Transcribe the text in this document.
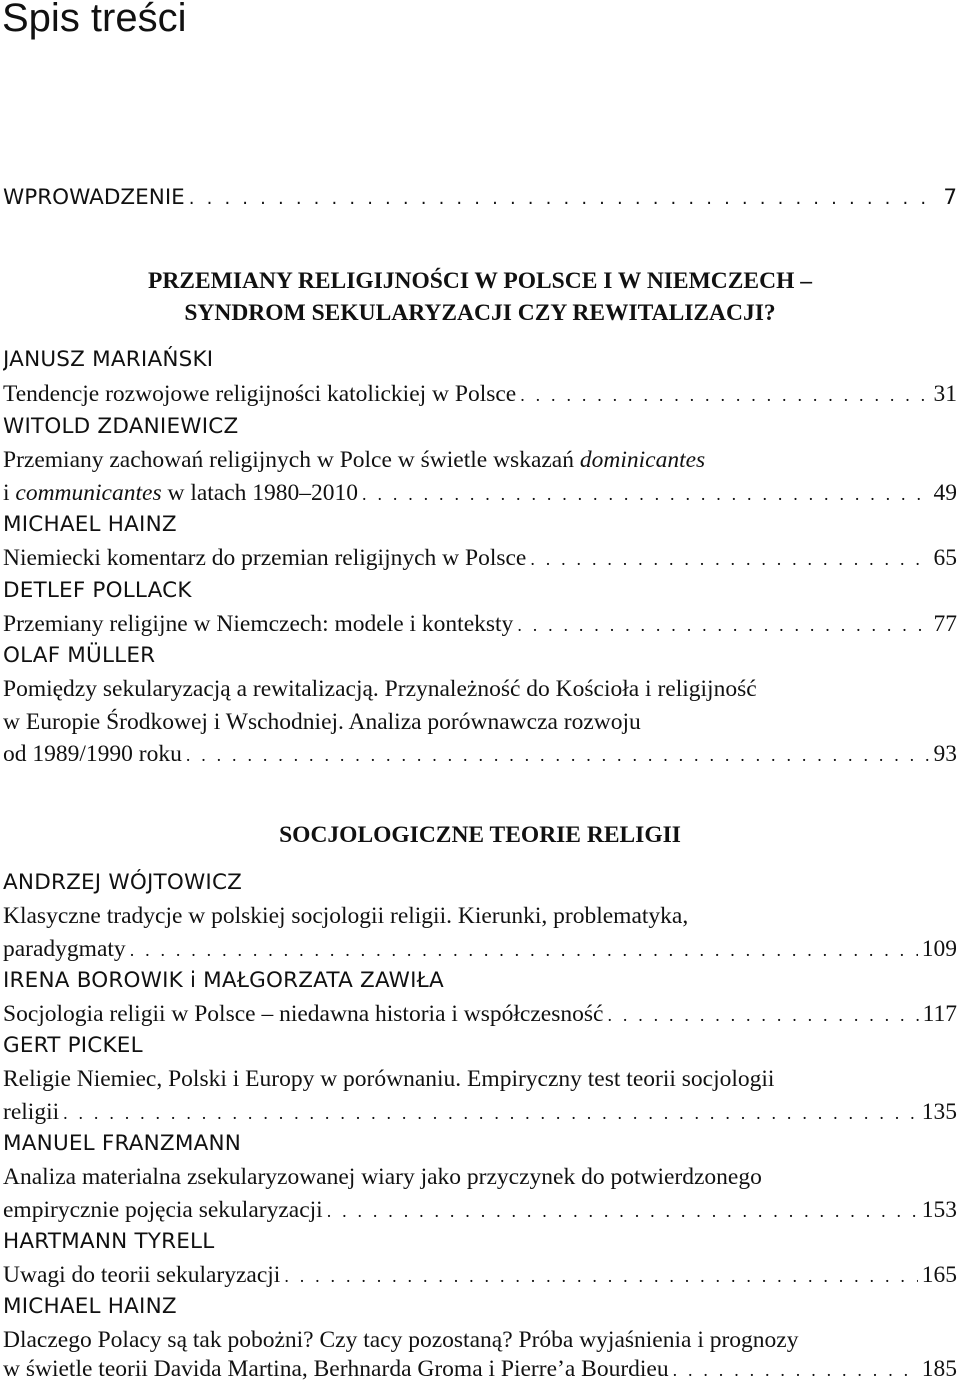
Spis treści
WPROWADZENIE . . .	7
PRZEMIANY RELIGIJNOŚCI W POLSCE I W NIEMCZECH –
SYNDROM SEKULARYZACJI CZY REWITALIZACJI?
JANUSZ MARIAŃSKI
Tendencje rozwojowe religijności katolickiej w Polsce . . .	31
WITOLD ZDANIEWICZ
Przemiany zachowań religijnych w Polce w świetle wskazań dominicantes
i communicantes w latach 1980–2010 . . .	49
MICHAEL HAINZ
Niemiecki komentarz do przemian religijnych w Polsce . . .	65
DETLEF POLLACK
Przemiany religijne w Niemczech: modele i konteksty . . .	77
OLAF MÜLLER
Pomiędzy sekularyzacją a rewitalizacją. Przynależność do Kościoła i religijność
w Europie Środkowej i Wschodniej. Analiza porównawcza rozwoju
od 1989/1990 roku . . .	93
SOCJOLOGICZNE TEORIE RELIGII
ANDRZEJ WÓJTOWICZ
Klasyczne tradycje w polskiej socjologii religii. Kierunki, problematyka,
paradygmaty . . .	109
IRENA BOROWIK i MAŁGORZATA ZAWIŁA
Socjologia religii w Polsce – niedawna historia i współczesność . . .	117
GERT PICKEL
Religie Niemiec, Polski i Europy w porównaniu. Empiryczny test teorii socjologii
religii . . .	135
MANUEL FRANZMANN
Analiza materialna zsekularyzowanej wiary jako przyczynek do potwierdzonego
empirycznie pojęcia sekularyzacji . . .	153
HARTMANN TYRELL
Uwagi do teorii sekularyzacji . . .	165
MICHAEL HAINZ
Dlaczego Polacy są tak pobożni? Czy tacy pozostaną? Próba wyjaśnienia i prognozy
w świetle teorii Davida Martina, Berhnarda Groma i Pierre’a Bourdieu . . .	185
